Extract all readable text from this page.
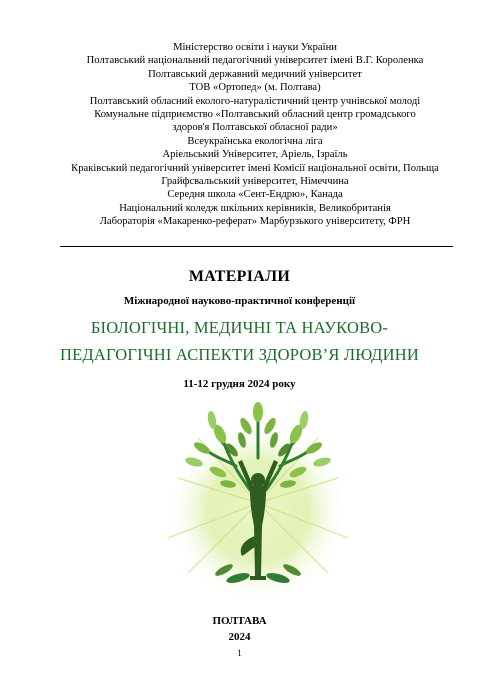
Міністерство освіти і науки України
Полтавський національний педагогічний університет імені В.Г. Короленка
Полтавський державний медичний університет
ТОВ «Ортопед» (м. Полтава)
Полтавський обласний еколого-натуралістичний центр учнівської молоді
Комунальне підприємство «Полтавський обласний центр громадського
здоров'я Полтавської обласної ради»
Всеукраїнська екологічна ліга
Аріельський Університет, Аріель, Ізраїль
Краківський педагогічний університет імені Комісії національної освіти, Польща
Грайфсвальський університет, Німеччина
Середня школа «Сент-Ендрю», Канада
Національний коледж шкільних керівників, Великобританія
Лабораторія «Макаренко-реферат» Марбурзького університету, ФРН
МАТЕРІАЛИ
Міжнародної науково-практичної конференції
БІОЛОГІЧНІ, МЕДИЧНІ ТА НАУКОВО-
ПЕДАГОГІЧНІ АСПЕКТИ ЗДОРОВ’Я ЛЮДИНИ
11-12 грудня 2024 року
ПОЛТАВА
2024
1
